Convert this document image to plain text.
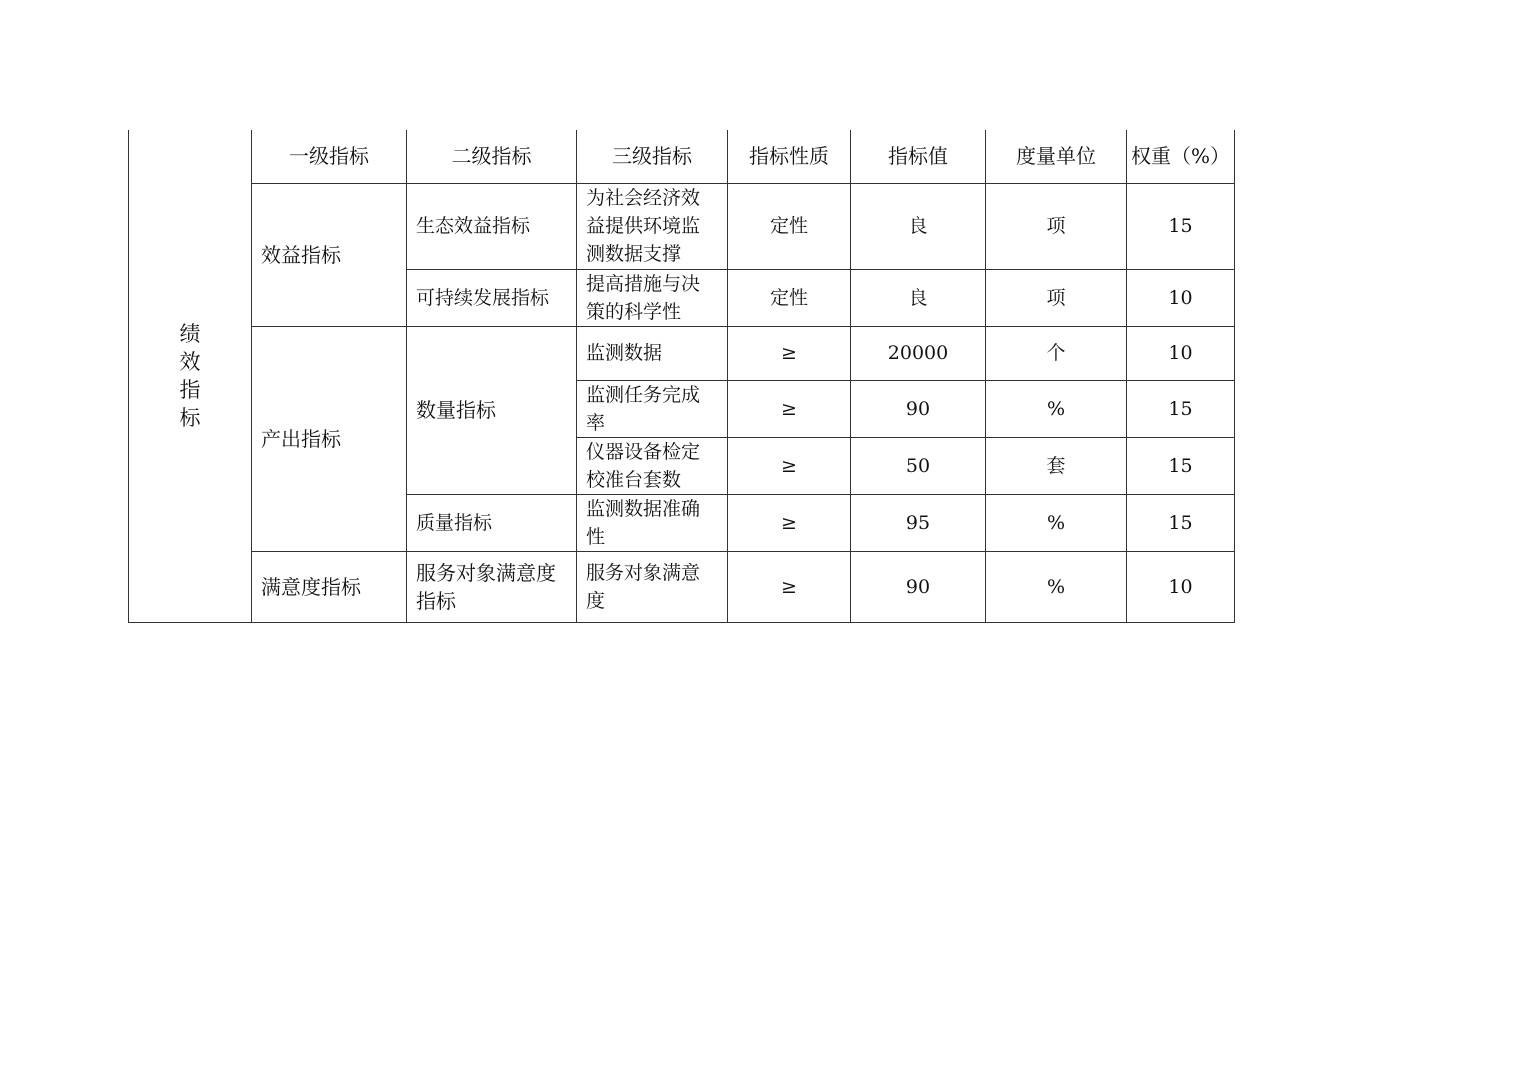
绩
效
指
标	一级指标	二级指标	三级指标	指标性质	指标值	度量单位	权重（%）
	效益指标	生态效益指标	为社会经济效益提供环境监测数据支撑	定性	良	项	15
		可持续发展指标	提高措施与决策的科学性	定性	良	项	10
	产出指标	数量指标	监测数据	≥	20000	个	10
			监测任务完成率	≥	90	%	15
			仪器设备检定校准台套数	≥	50	套	15
		质量指标	监测数据准确性	≥	95	%	15
	满意度指标	服务对象满意度指标	服务对象满意度	≥	90	%	10
